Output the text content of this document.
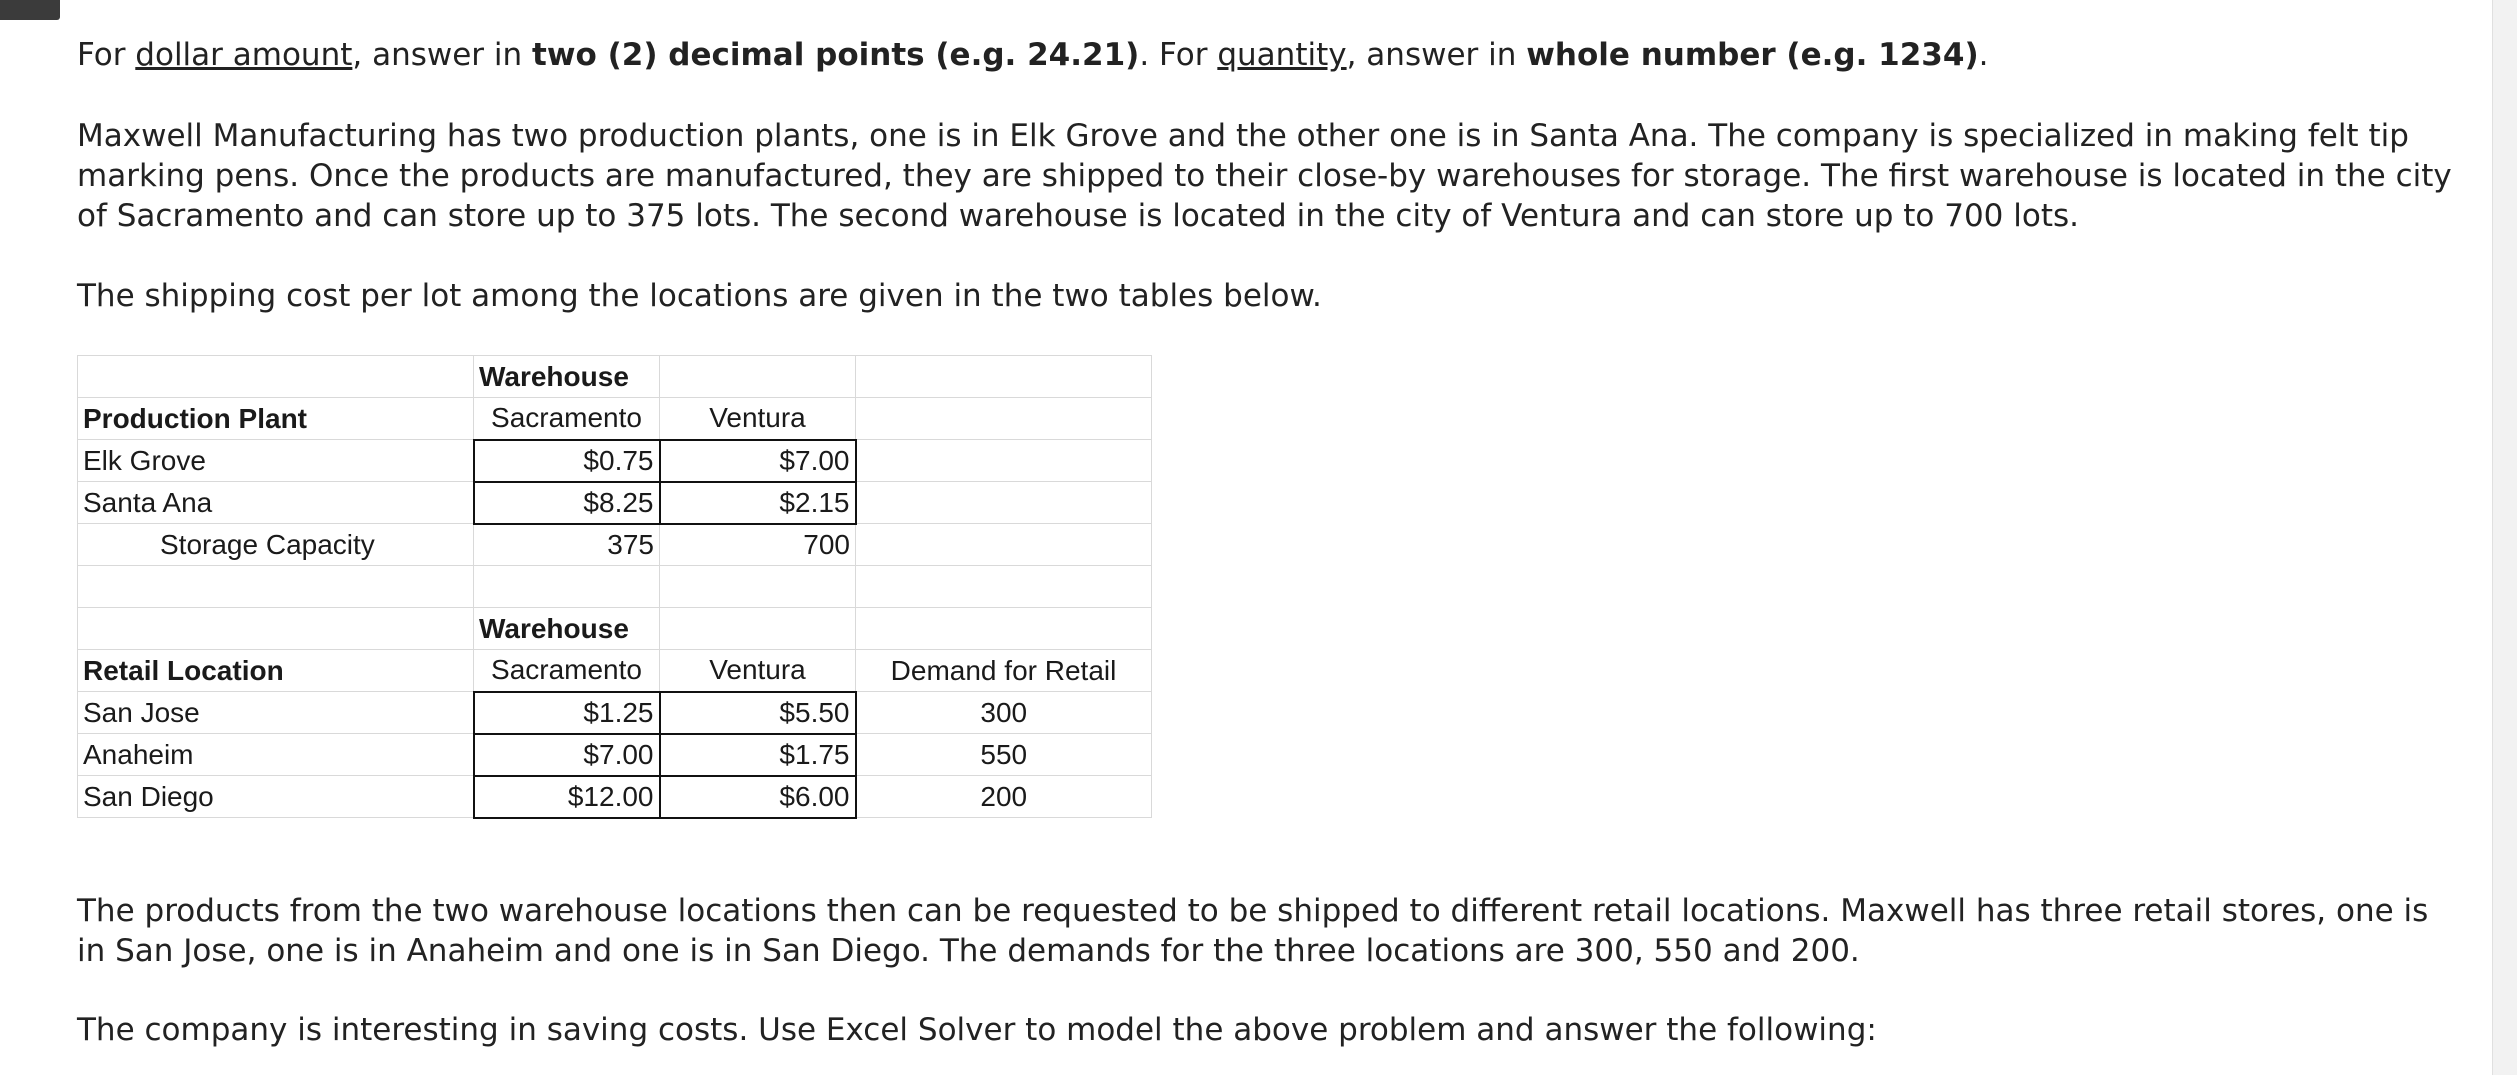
For dollar amount, answer in two (2) decimal points (e.g. 24.21). For quantity, answer in whole number (e.g. 1234).

Maxwell Manufacturing has two production plants, one is in Elk Grove and the other one is in Santa Ana. The company is specialized in making felt tip marking pens. Once the products are manufactured, they are shipped to their close-by warehouses for storage. The first warehouse is located in the city of Sacramento and can store up to 375 lots. The second warehouse is located in the city of Ventura and can store up to 700 lots.

The shipping cost per lot among the locations are given in the two tables below.

The products from the two warehouse locations then can be requested to be shipped to different retail locations. Maxwell has three retail stores, one is in San Jose, one is in Anaheim and one is in San Diego. The demands for the three locations are 300, 550 and 200.

The company is interesting in saving costs. Use Excel Solver to model the above problem and answer the following:

	Warehouse		
Production Plant	Sacramento	Ventura	
Elk Grove	$0.75	$7.00	
Santa Ana	$8.25	$2.15	
Storage Capacity	375	700	

	Warehouse		
Retail Location	Sacramento	Ventura	Demand for Retail
San Jose	$1.25	$5.50	300
Anaheim	$7.00	$1.75	550
San Diego	$12.00	$6.00	200
